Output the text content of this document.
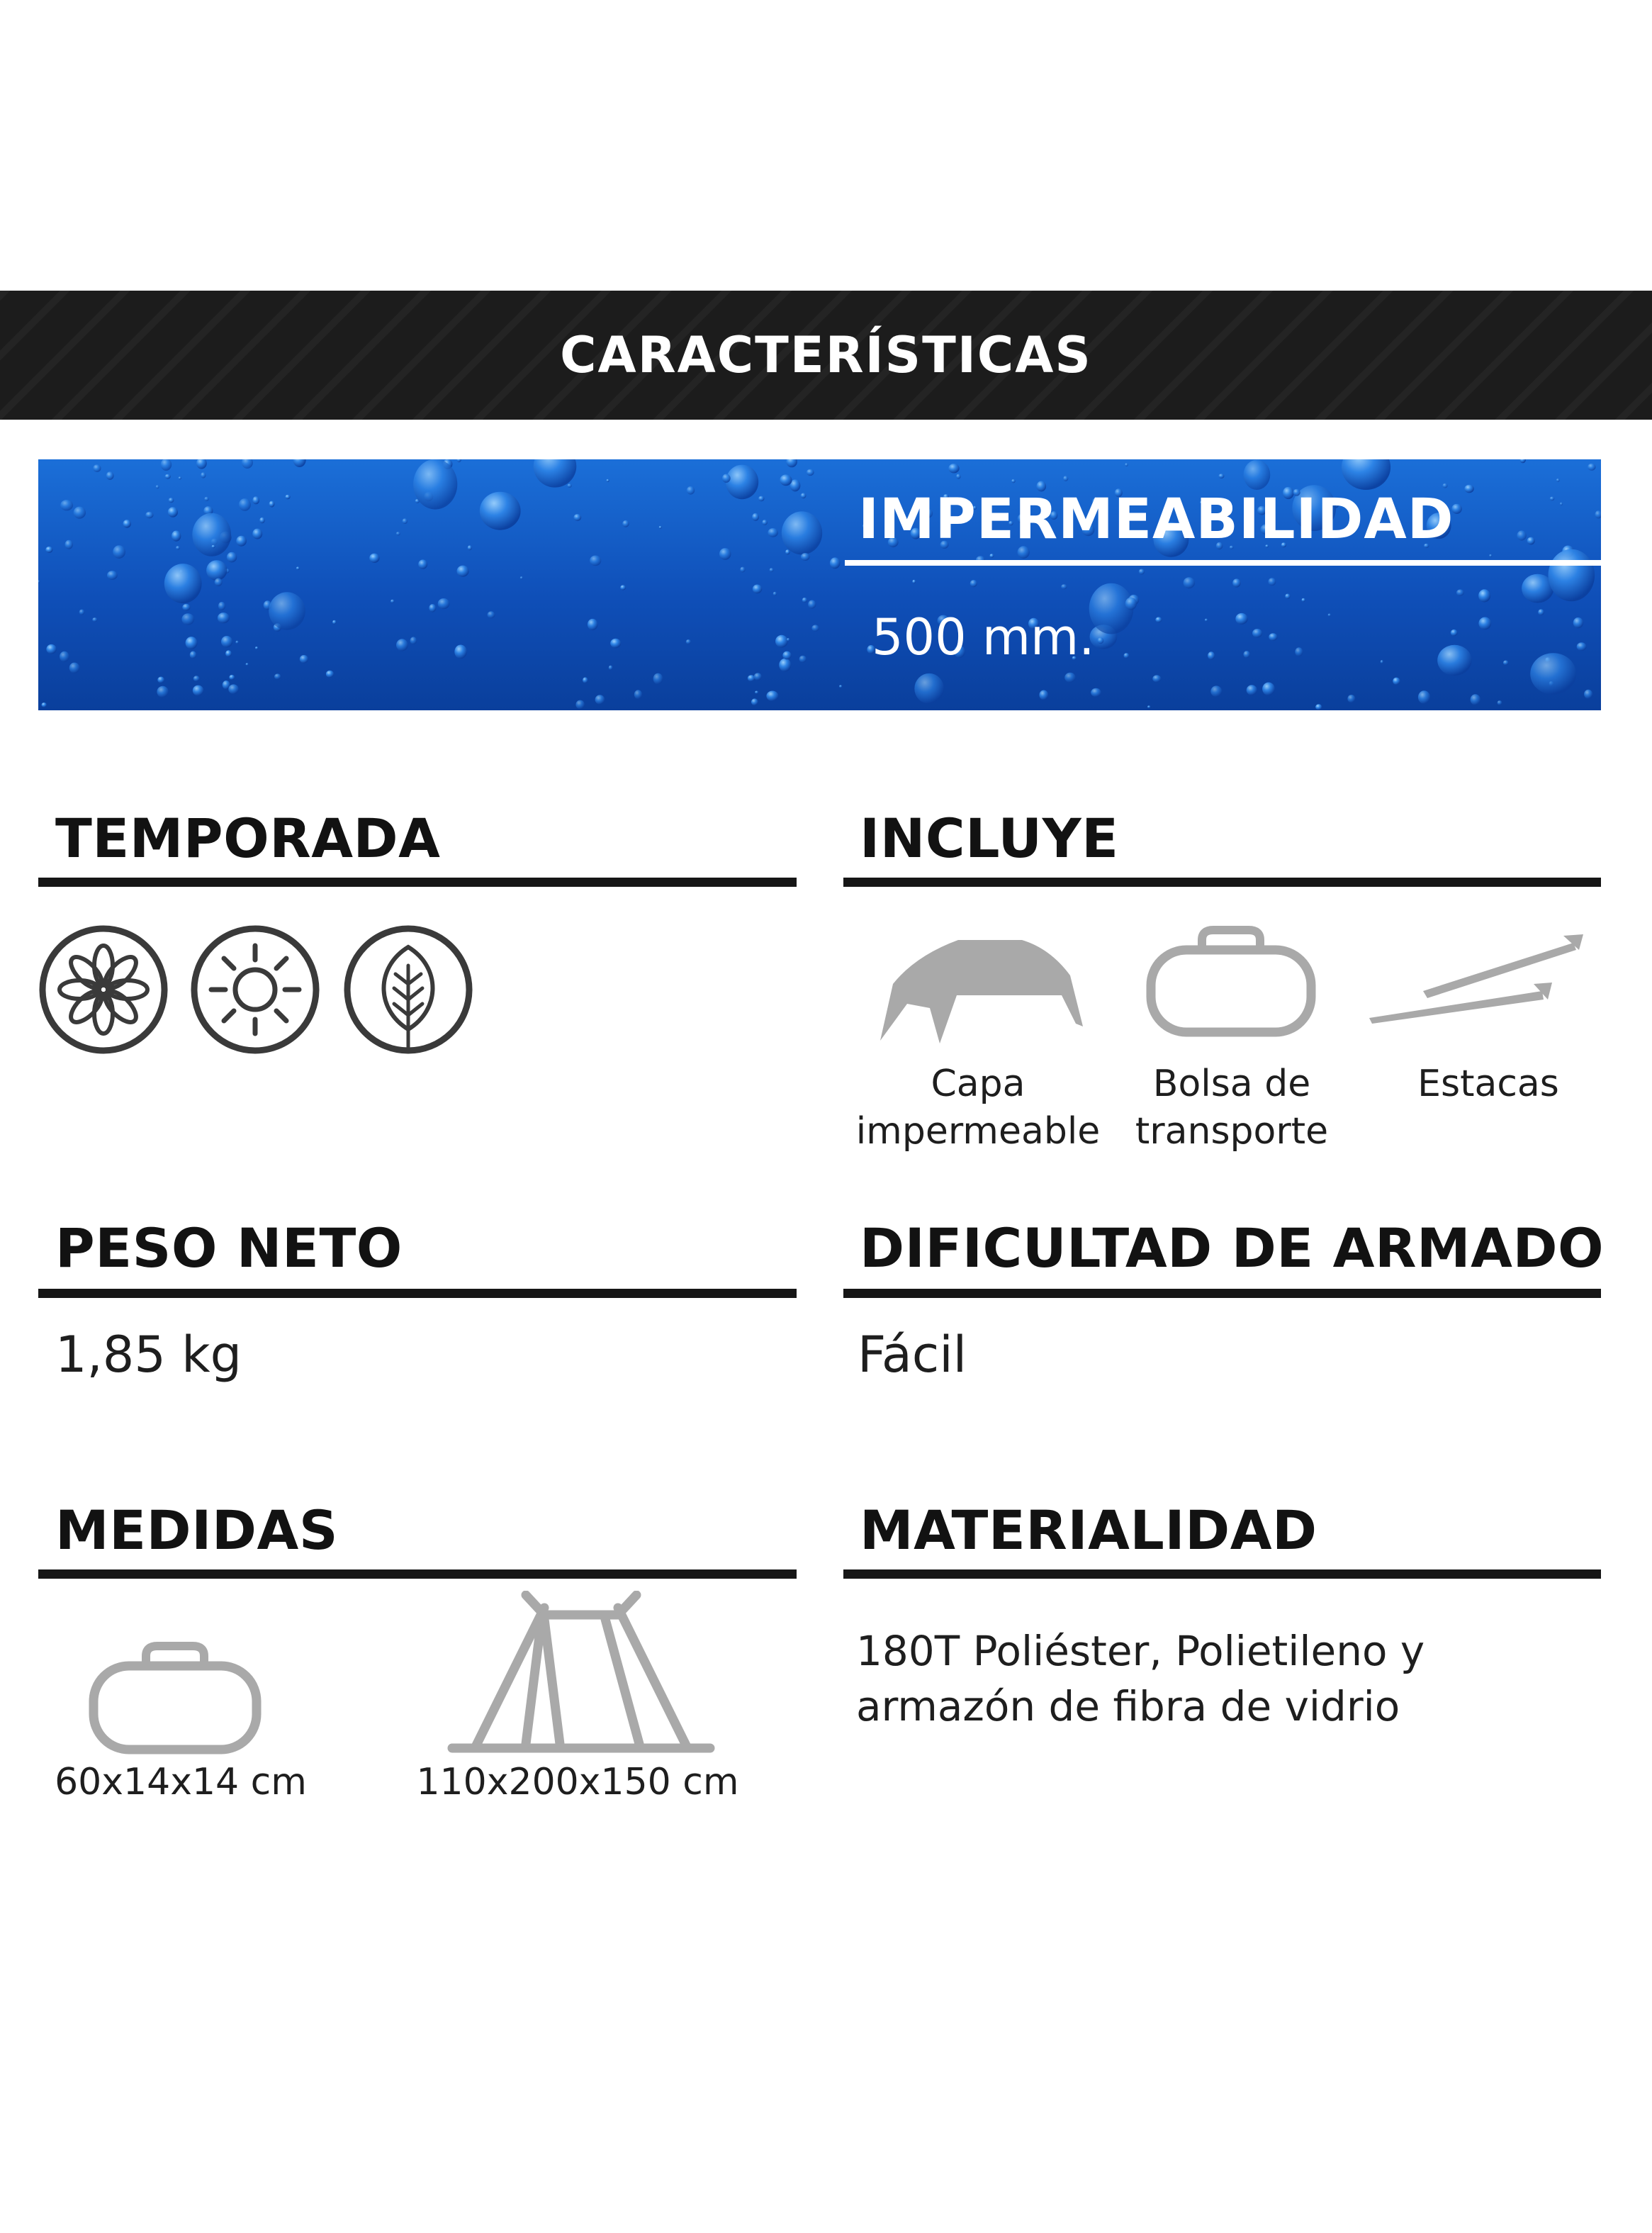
CARACTERÍSTICAS
IMPERMEABILIDAD
500 mm.
TEMPORADA	INCLUYE
Capa impermeable
Bolsa de transporte
Estacas
PESO NETO
1,85 kg
DIFICULTAD DE ARMADO
Fácil
MEDIDAS
60x14x14 cm	110x200x150 cm
MATERIALIDAD
180T Poliéster, Polietileno y armazón de fibra de vidrio
